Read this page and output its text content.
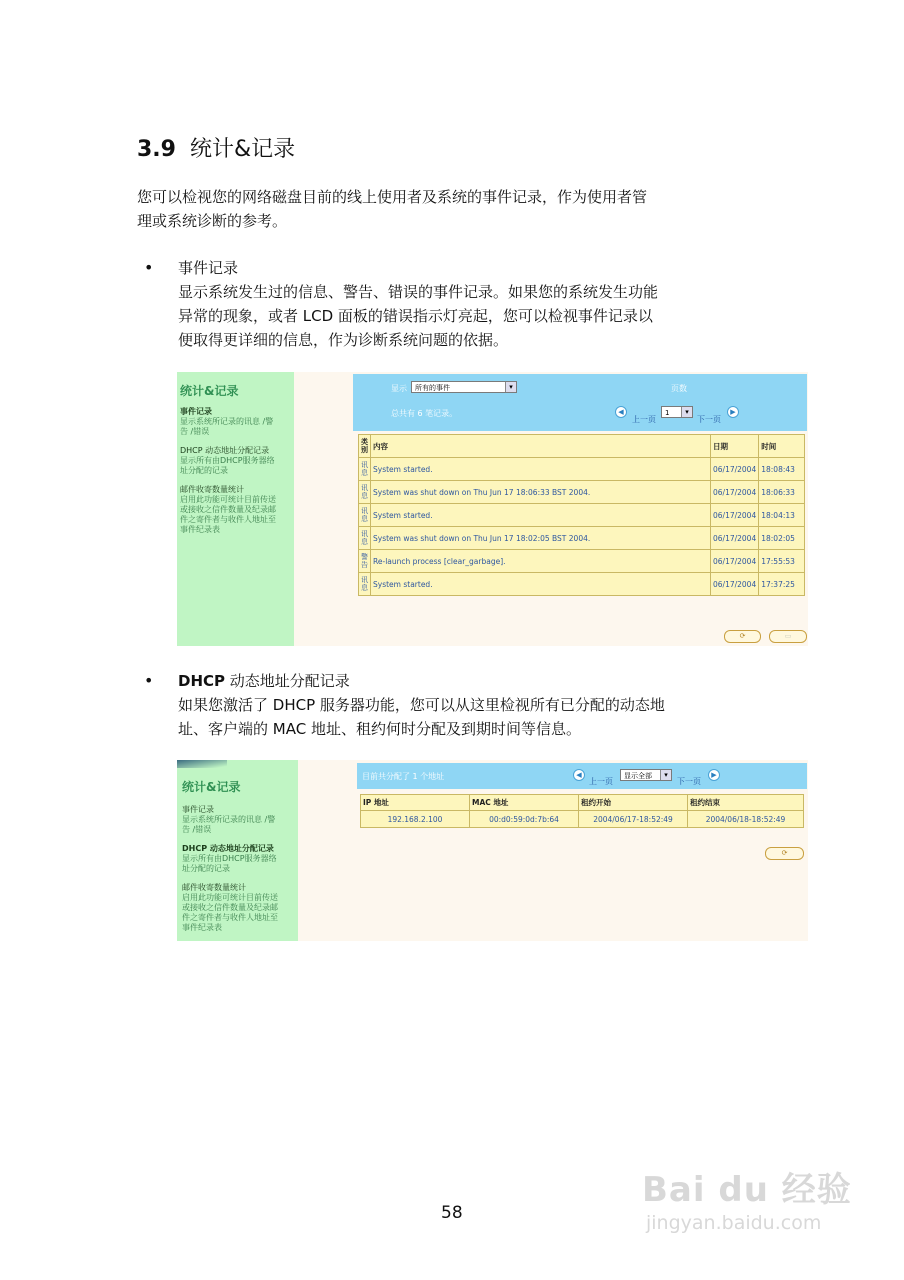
3.9 统计&记录
您可以检视您的网络磁盘目前的线上使用者及系统的事件记录，作为使用者管
理或系统诊断的参考。
• 事件记录
显示系统发生过的信息、警告、错误的事件记录。如果您的系统发生功能
异常的现象，或者 LCD 面板的错误指示灯亮起，您可以检视事件记录以
便取得更详细的信息，作为诊断系统问题的依据。
统计&记录
事件记录
显示系统所记录的讯息 /警
告 /错误
DHCP 动态地址分配记录
显示所有由DHCP服务器络
址分配的记录
邮件收寄数量统计
启用此功能可统计目前传送
或接收之信件数量及纪录邮
件之寄件者与收件人地址至
事件纪录表
显示	所有的事件	▾	页数
总共有 6 笔记录。	◀
上一页
1	▾
下一页
▶
类别	内容	日期	时间
讯息	System started.	06/17/2004	18:08:43
讯息	System was shut down on Thu Jun 17 18:06:33 BST 2004.	06/17/2004	18:06:33
讯息	System started.	06/17/2004	18:04:13
讯息	System was shut down on Thu Jun 17 18:02:05 BST 2004.	06/17/2004	18:02:05
警告	Re-launch process [clear_garbage].	06/17/2004	17:55:53
讯息	System started.	06/17/2004	17:37:25
⟳	▭
• DHCP 动态地址分配记录
如果您激活了 DHCP 服务器功能，您可以从这里检视所有已分配的动态地
址、客户端的 MAC 地址、租约何时分配及到期时间等信息。
统计&记录
事件记录
显示系统所记录的讯息 /警
告 /错误
DHCP 动态地址分配记录
显示所有由DHCP服务器络
址分配的记录
邮件收寄数量统计
启用此功能可统计目前传送
或接收之信件数量及纪录邮
件之寄件者与收件人地址至
事件纪录表
目前共分配了 1 个地址	◀
上一页
显示全部	▾
下一页
▶
IP 地址	MAC 地址	租约开始	租约结束
192.168.2.100	00:d0:59:0d:7b:64	2004/06/17-18:52:49	2004/06/18-18:52:49
⟳
58
Bai du 经验
jingyan.baidu.com
